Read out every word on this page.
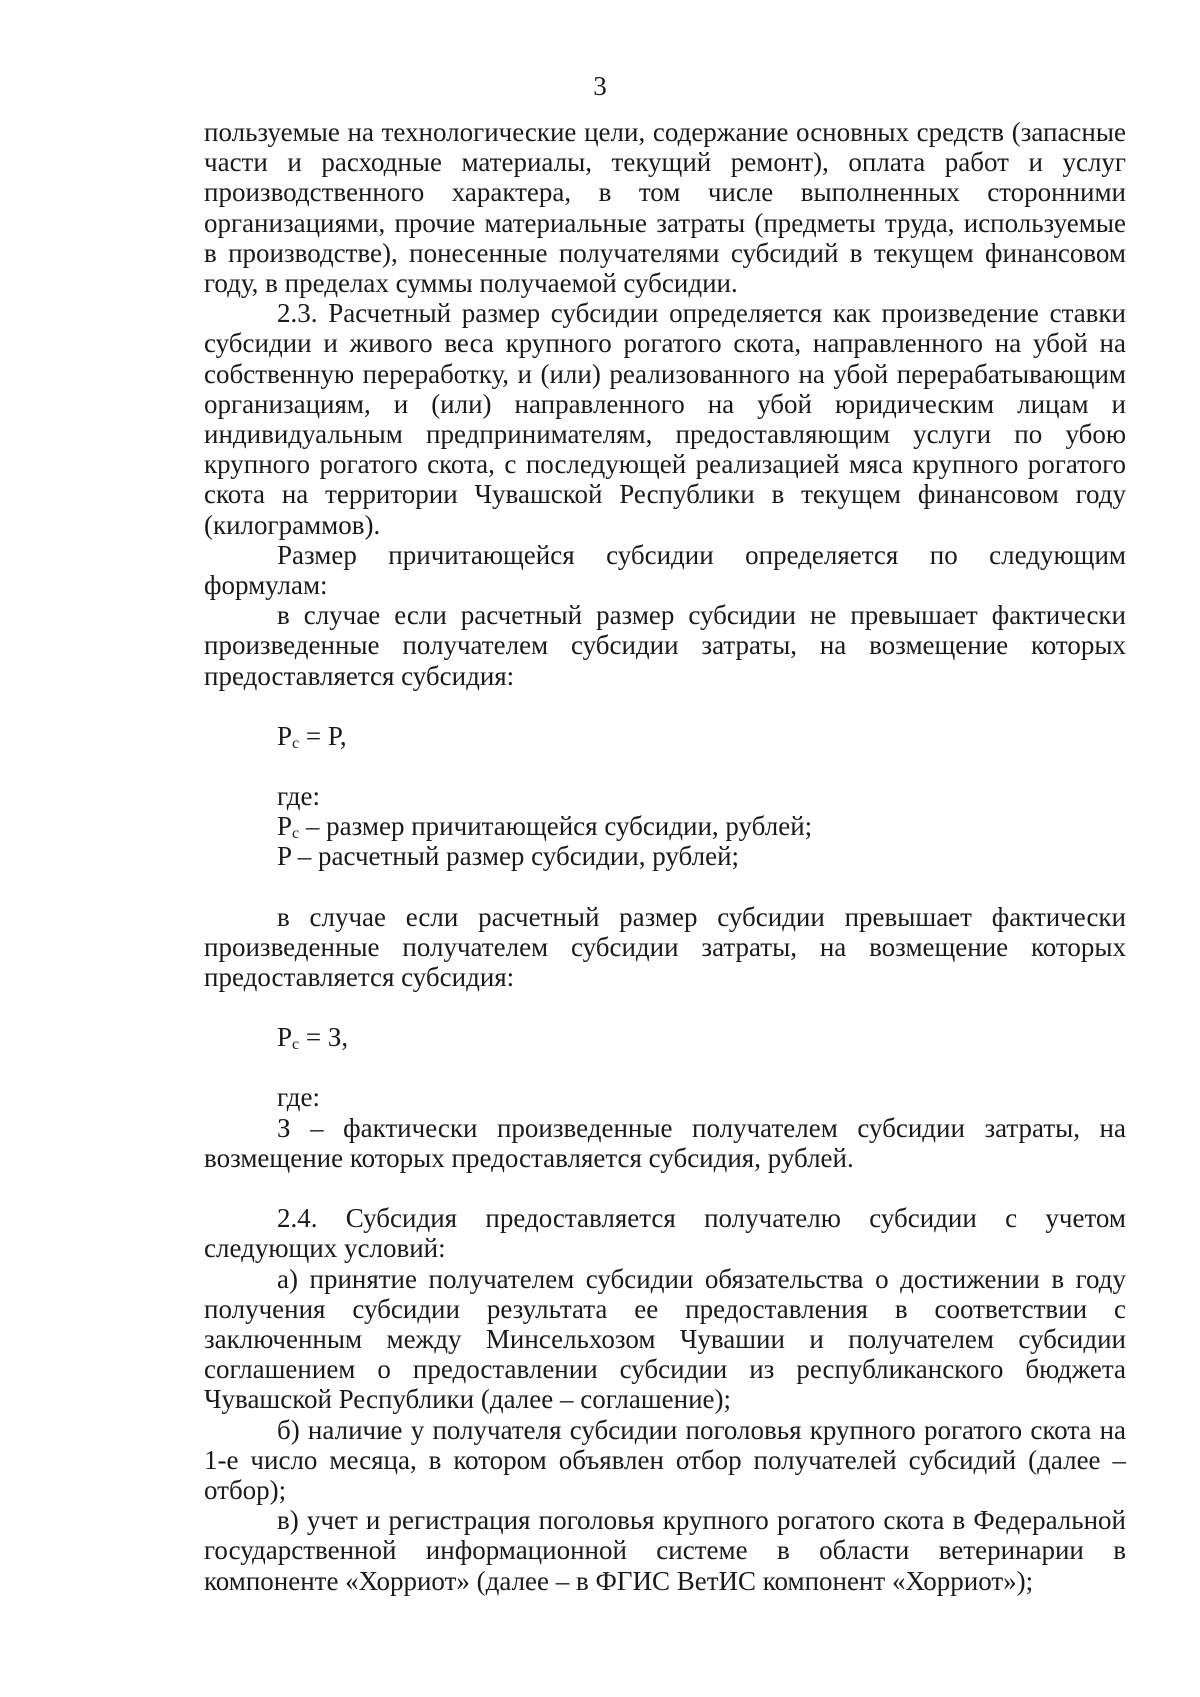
3

пользуемые на технологические цели, содержание основных средств (запасные части и расходные материалы, текущий ремонт), оплата работ и услуг производственного характера, в том числе выполненных сторонними организациями, прочие материальные затраты (предметы труда, используемые в производстве), понесенные получателями субсидий в текущем финансовом году, в пределах суммы получаемой субсидии.

2.3. Расчетный размер субсидии определяется как произведение ставки субсидии и живого веса крупного рогатого скота, направленного на убой на собственную переработку, и (или) реализованного на убой перерабатывающим организациям, и (или) направленного на убой юридическим лицам и индивидуальным предпринимателям, предоставляющим услуги по убою крупного рогатого скота, с последующей реализацией мяса крупного рогатого скота на территории Чувашской Республики в текущем финансовом году (килограммов).

Размер причитающейся субсидии определяется по следующим формулам:

в случае если расчетный размер субсидии не превышает фактически произведенные получателем субсидии затраты, на возмещение которых предоставляется субсидия:

$P_c = P$,

где:

$P_c$ – размер причитающейся субсидии, рублей;

P – расчетный размер субсидии, рублей;

в случае если расчетный размер субсидии превышает фактически произведенные получателем субсидии затраты, на возмещение которых предоставляется субсидия:

$P_c = З$,

где:

З – фактически произведенные получателем субсидии затраты, на возмещение которых предоставляется субсидия, рублей.

2.4. Субсидия предоставляется получателю субсидии с учетом следующих условий:

а) принятие получателем субсидии обязательства о достижении в году получения субсидии результата ее предоставления в соответствии с заключенным между Минсельхозом Чувашии и получателем субсидии соглашением о предоставлении субсидии из республиканского бюджета Чувашской Республики (далее – соглашение);

б) наличие у получателя субсидии поголовья крупного рогатого скота на 1-е число месяца, в котором объявлен отбор получателей субсидий (далее – отбор);

в) учет и регистрация поголовья крупного рогатого скота в Федеральной государственной информационной системе в области ветеринарии в компоненте «Хорриот» (далее – в ФГИС ВетИС компонент «Хорриот»);
